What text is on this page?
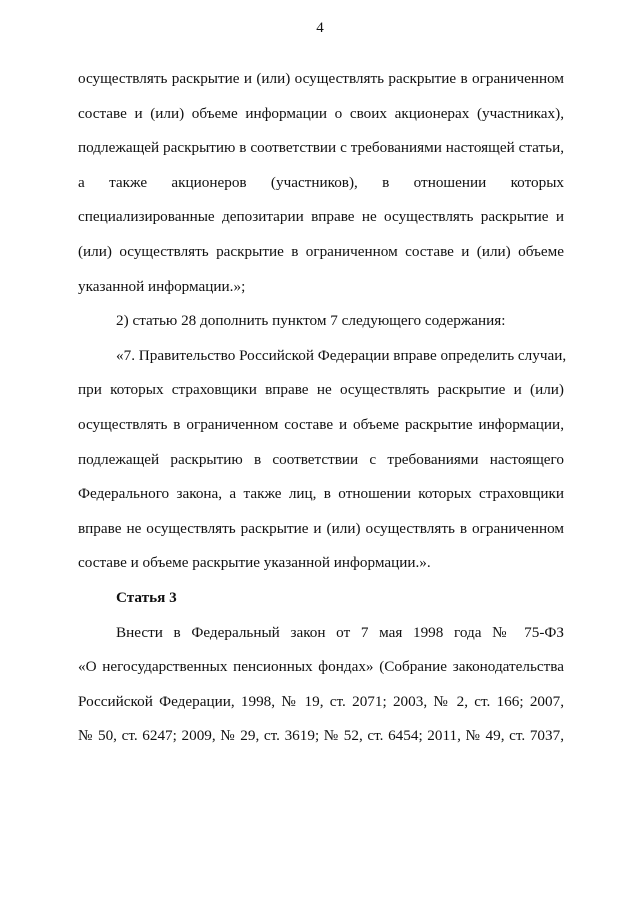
4
осуществлять раскрытие и (или) осуществлять раскрытие в ограниченном
составе и (или) объеме информации о своих акционерах (участниках),
подлежащей раскрытию в соответствии с требованиями настоящей статьи,
а также акционеров (участников), в отношении которых
специализированные депозитарии вправе не осуществлять раскрытие и
(или) осуществлять раскрытие в ограниченном составе и (или) объеме
указанной информации.»;
2) статью 28 дополнить пунктом 7 следующего содержания:
«7. Правительство Российской Федерации вправе определить случаи,
при которых страховщики вправе не осуществлять раскрытие и (или)
осуществлять в ограниченном составе и объеме раскрытие информации,
подлежащей раскрытию в соответствии с требованиями настоящего
Федерального закона, а также лиц, в отношении которых страховщики
вправе не осуществлять раскрытие и (или) осуществлять в ограниченном
составе и объеме раскрытие указанной информации.».
Статья 3
Внести в Федеральный закон от 7 мая 1998 года № 75-ФЗ
«О негосударственных пенсионных фондах» (Собрание законодательства
Российской Федерации, 1998, № 19, ст. 2071; 2003, № 2, ст. 166; 2007,
№ 50, ст. 6247; 2009, № 29, ст. 3619; № 52, ст. 6454; 2011, № 49, ст. 7037,
